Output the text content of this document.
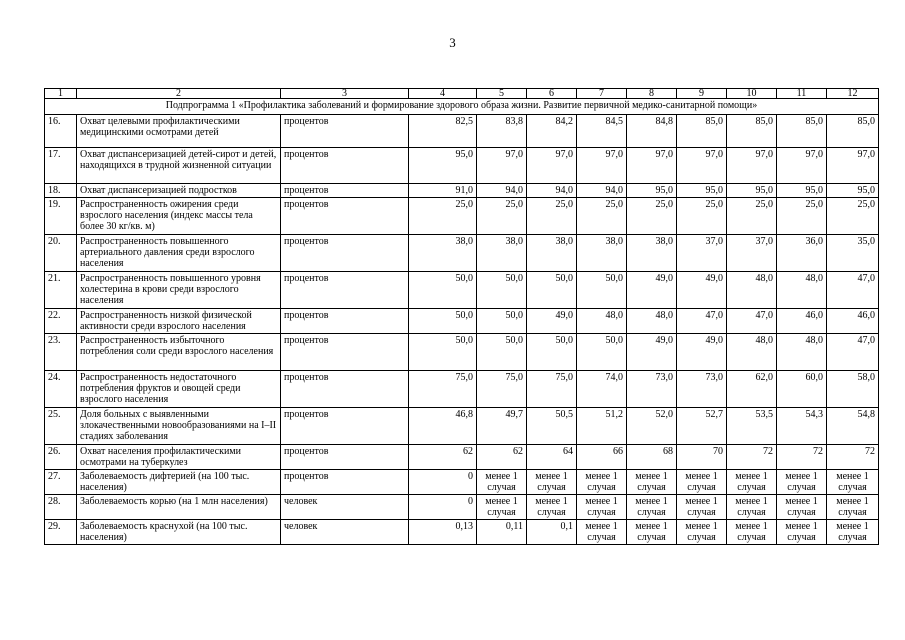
3
1	2	3	4	5	6	7	8	9	10	11	12
Подпрограмма 1 «Профилактика заболеваний и формирование здорового образа жизни. Развитие первичной медико-санитарной помощи»											
16.	Охват целевыми профилактическими медицинскими осмотрами детей	процентов	82,5	83,8	84,2	84,5	84,8	85,0	85,0	85,0	85,0
17.	Охват диспансеризацией детей-сирот и детей, находящихся в трудной жизненной ситуации	процентов	95,0	97,0	97,0	97,0	97,0	97,0	97,0	97,0	97,0
18.	Охват диспансеризацией подростков	процентов	91,0	94,0	94,0	94,0	95,0	95,0	95,0	95,0	95,0
19.	Распространенность ожирения среди взрослого населения (индекс массы тела более 30 кг/кв. м)	процентов	25,0	25,0	25,0	25,0	25,0	25,0	25,0	25,0	25,0
20.	Распространенность повышенного артериального давления среди взрослого населения	процентов	38,0	38,0	38,0	38,0	38,0	37,0	37,0	36,0	35,0
21.	Распространенность повышенного уровня холестерина в крови среди взрослого населения	процентов	50,0	50,0	50,0	50,0	49,0	49,0	48,0	48,0	47,0
22.	Распространенность низкой физической активности среди взрослого населения	процентов	50,0	50,0	49,0	48,0	48,0	47,0	47,0	46,0	46,0
23.	Распространенность избыточного потребления соли среди взрослого населения	процентов	50,0	50,0	50,0	50,0	49,0	49,0	48,0	48,0	47,0
24.	Распространенность недостаточного потребления фруктов и овощей среди взрослого населения	процентов	75,0	75,0	75,0	74,0	73,0	73,0	62,0	60,0	58,0
25.	Доля больных с выявленными злокачественными новообразованиями на I–II стадиях заболевания	процентов	46,8	49,7	50,5	51,2	52,0	52,7	53,5	54,3	54,8
26.	Охват населения профилактическими осмотрами на туберкулез	процентов	62	62	64	66	68	70	72	72	72
27.	Заболеваемость дифтерией (на 100 тыс. населения)	процентов	0	менее 1 случая	менее 1 случая	менее 1 случая	менее 1 случая	менее 1 случая	менее 1 случая	менее 1 случая	менее 1 случая
28.	Заболеваемость корью (на 1 млн населения)	человек	0	менее 1 случая	менее 1 случая	менее 1 случая	менее 1 случая	менее 1 случая	менее 1 случая	менее 1 случая	менее 1 случая
29.	Заболеваемость краснухой (на 100 тыс. населения)	человек	0,13	0,11	0,1	менее 1 случая	менее 1 случая	менее 1 случая	менее 1 случая	менее 1 случая	менее 1 случая
